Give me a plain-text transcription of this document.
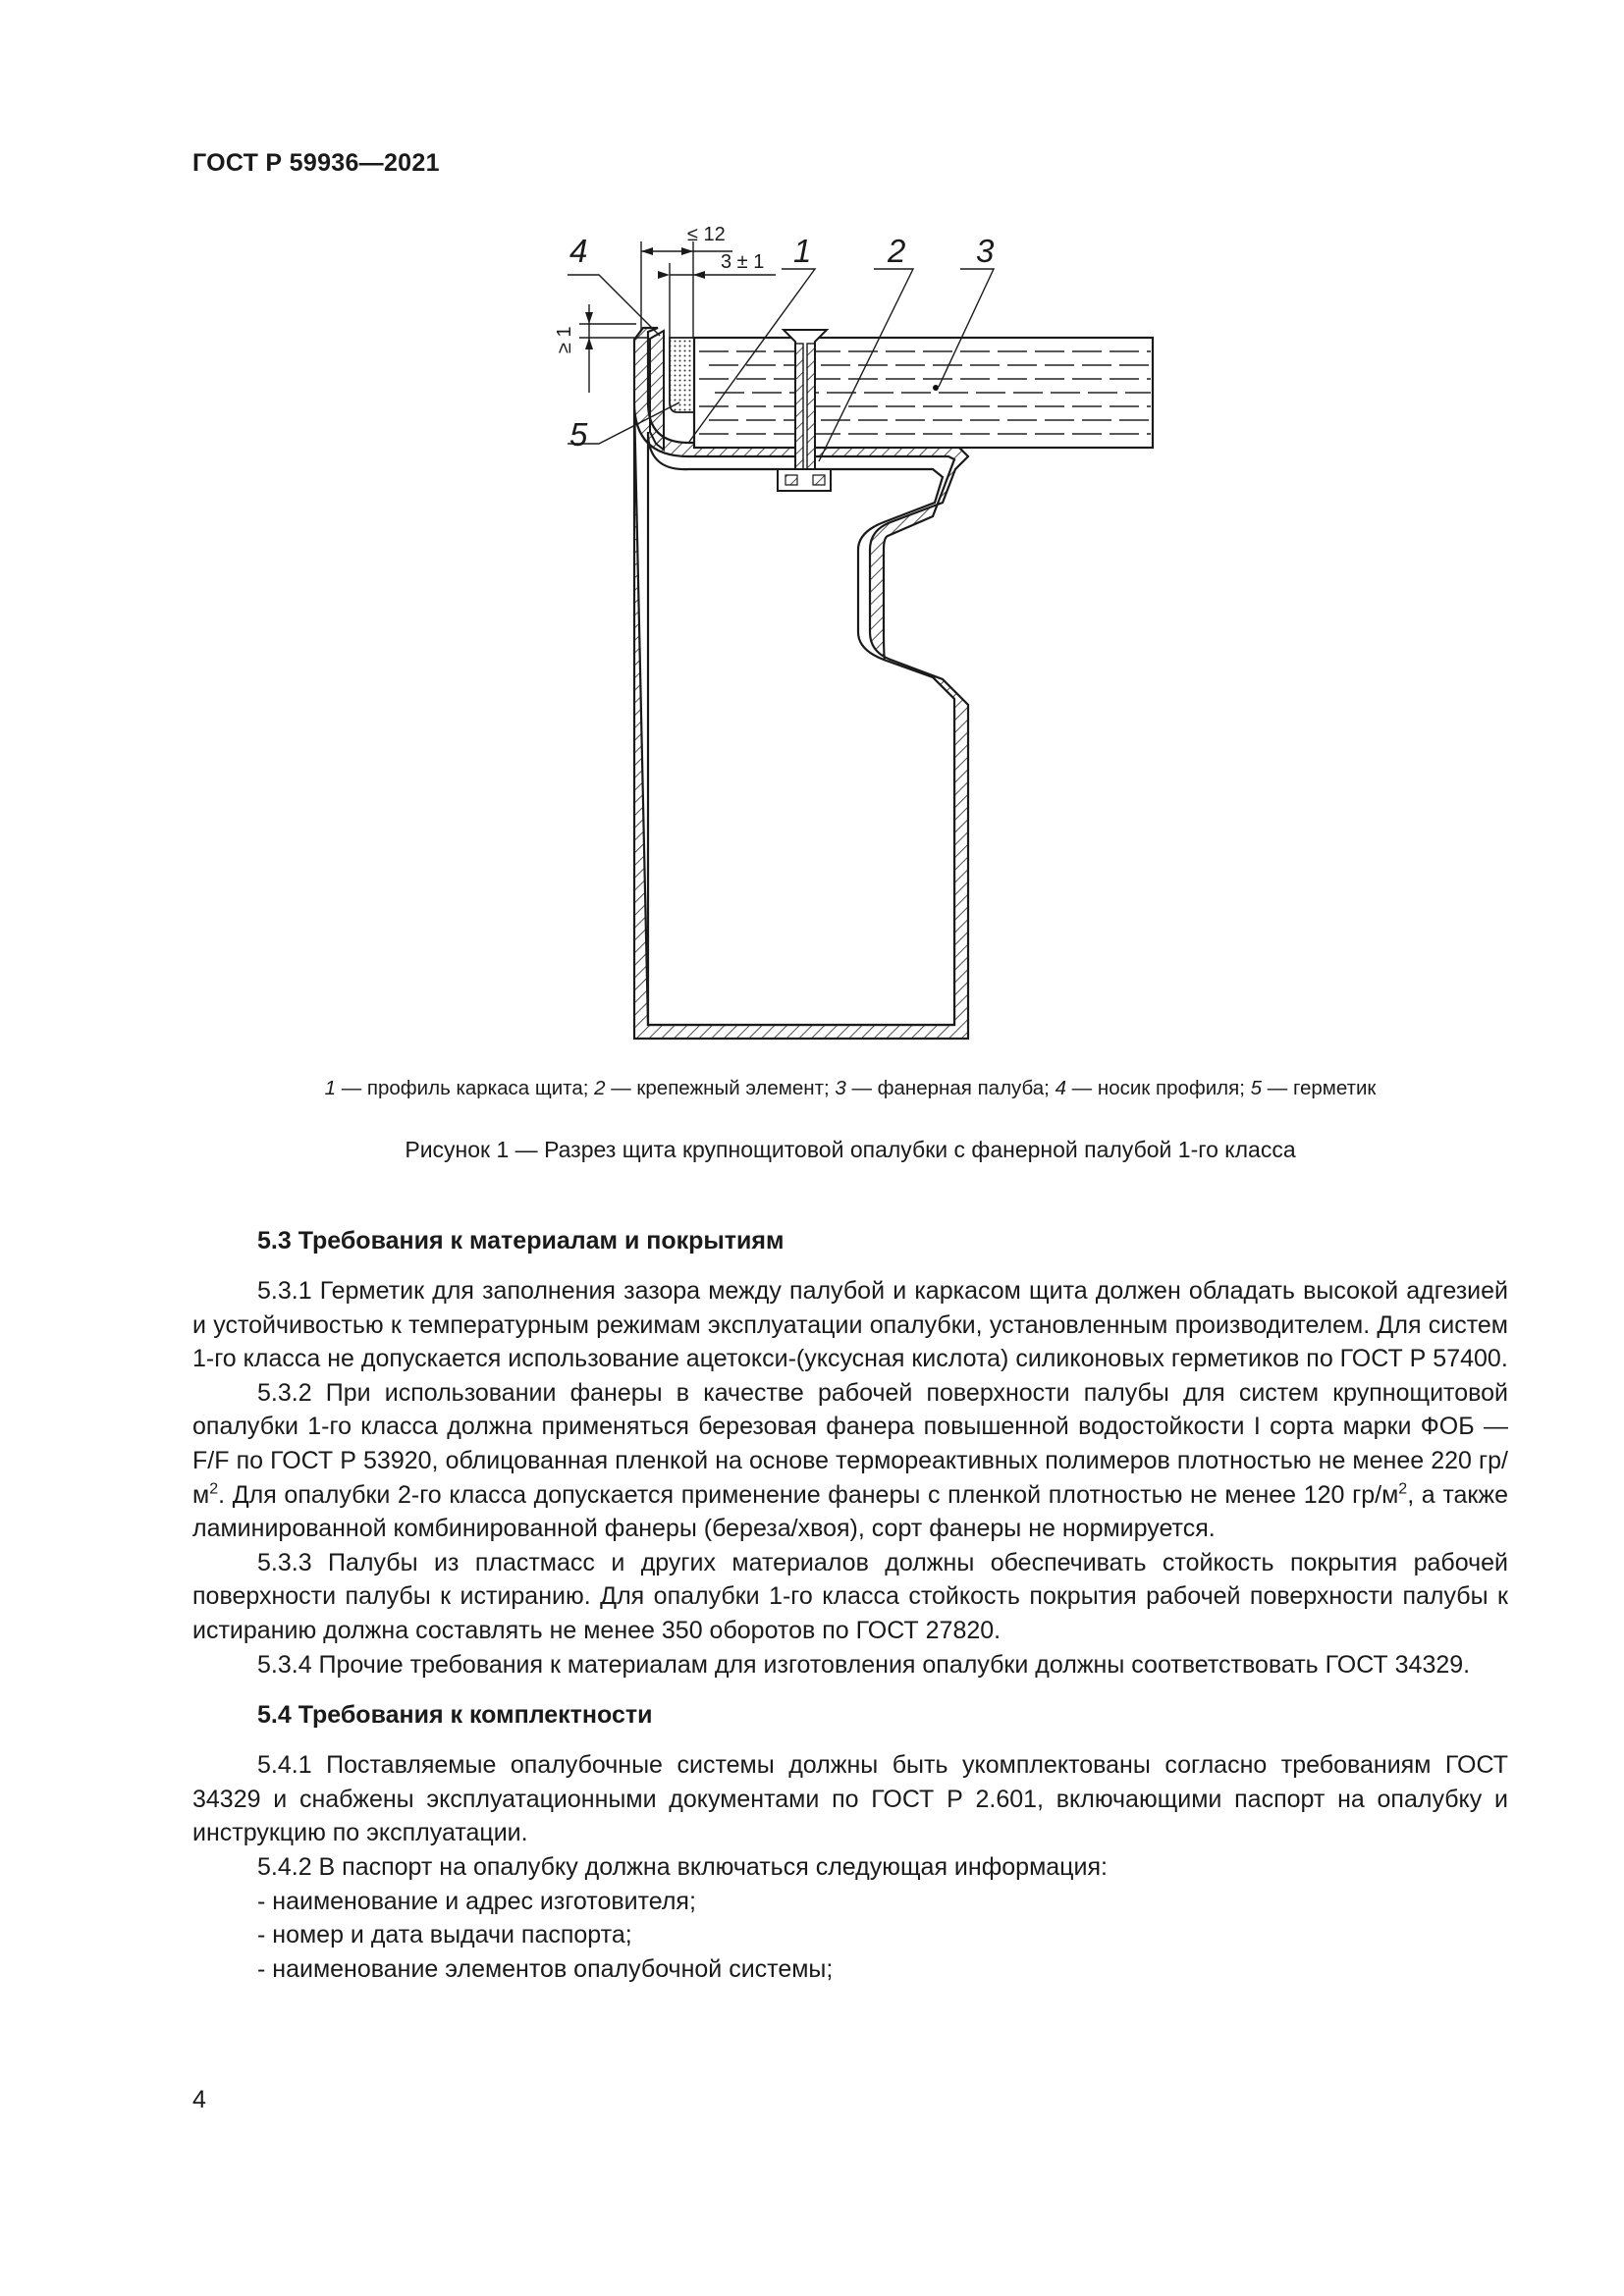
ГОСТ Р 59936—2021
4	1 2 3
5
≤ 12
3 ± 1
≥ 1
1 — профиль каркаса щита; 2 — крепежный элемент; 3 — фанерная палуба; 4 — носик профиля; 5 — герметик
Рисунок 1 — Разрез щита крупнощитовой опалубки с фанерной палубой 1-го класса
5.3 Требования к материалам и покрытиям

5.3.1 Герметик для заполнения зазора между палубой и каркасом щита должен обладать высокой адгезией и устойчивостью к температурным режимам эксплуатации опалубки, установленным производителем. Для систем 1-го класса не допускается использование ацетокси-(уксусная кислота) силиконовых герметиков по ГОСТ Р 57400.

5.3.2 При использовании фанеры в качестве рабочей поверхности палубы для систем крупнощитовой опалубки 1-го класса должна применяться березовая фанера повышенной водостойкости I сорта марки ФОБ — F/F по ГОСТ Р 53920, облицованная пленкой на основе термореактивных полимеров плотностью не менее 220 $гр/м^2$. Для опалубки 2-го класса допускается применение фанеры с пленкой плотностью не менее 120 $гр/м^2$, а также ламинированной комбинированной фанеры (береза/хвоя), сорт фанеры не нормируется.

5.3.3 Палубы из пластмасс и других материалов должны обеспечивать стойкость покрытия рабочей поверхности палубы к истиранию. Для опалубки 1-го класса стойкость покрытия рабочей поверхности палубы к истиранию должна составлять не менее 350 оборотов по ГОСТ 27820.

5.3.4 Прочие требования к материалам для изготовления опалубки должны соответствовать ГОСТ 34329.

5.4 Требования к комплектности

5.4.1 Поставляемые опалубочные системы должны быть укомплектованы согласно требованиям ГОСТ 34329 и снабжены эксплуатационными документами по ГОСТ Р 2.601, включающими паспорт на опалубку и инструкцию по эксплуатации.

5.4.2 В паспорт на опалубку должна включаться следующая информация:

- наименование и адрес изготовителя;

- номер и дата выдачи паспорта;

- наименование элементов опалубочной системы;

4
